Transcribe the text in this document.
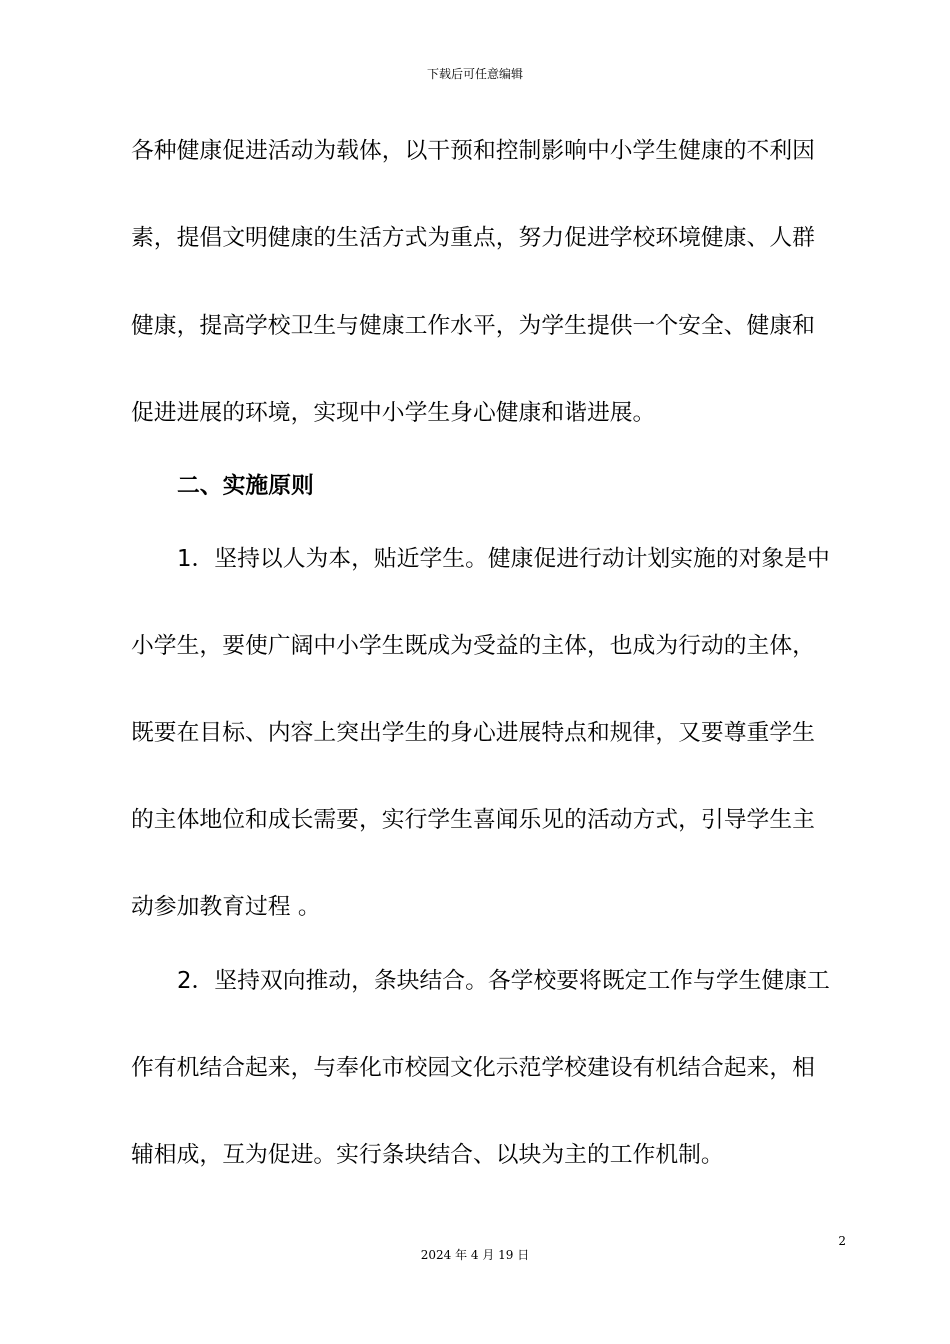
下载后可任意编辑
各种健康促进活动为载体，以干预和控制影响中小学生健康的不利因
素，提倡文明健康的生活方式为重点，努力促进学校环境健康、人群
健康，提高学校卫生与健康工作水平，为学生提供一个安全、健康和
促进进展的环境，实现中小学生身心健康和谐进展。
二、实施原则
1．坚持以人为本，贴近学生。健康促进行动计划实施的对象是中
小学生，要使广阔中小学生既成为受益的主体，也成为行动的主体，
既要在目标、内容上突出学生的身心进展特点和规律，又要尊重学生
的主体地位和成长需要，实行学生喜闻乐见的活动方式，引导学生主
动参加教育过程 。
2．坚持双向推动，条块结合。各学校要将既定工作与学生健康工
作有机结合起来，与奉化市校园文化示范学校建设有机结合起来，相
辅相成，互为促进。实行条块结合、以块为主的工作机制。
2
2024 年 4 月 19 日
